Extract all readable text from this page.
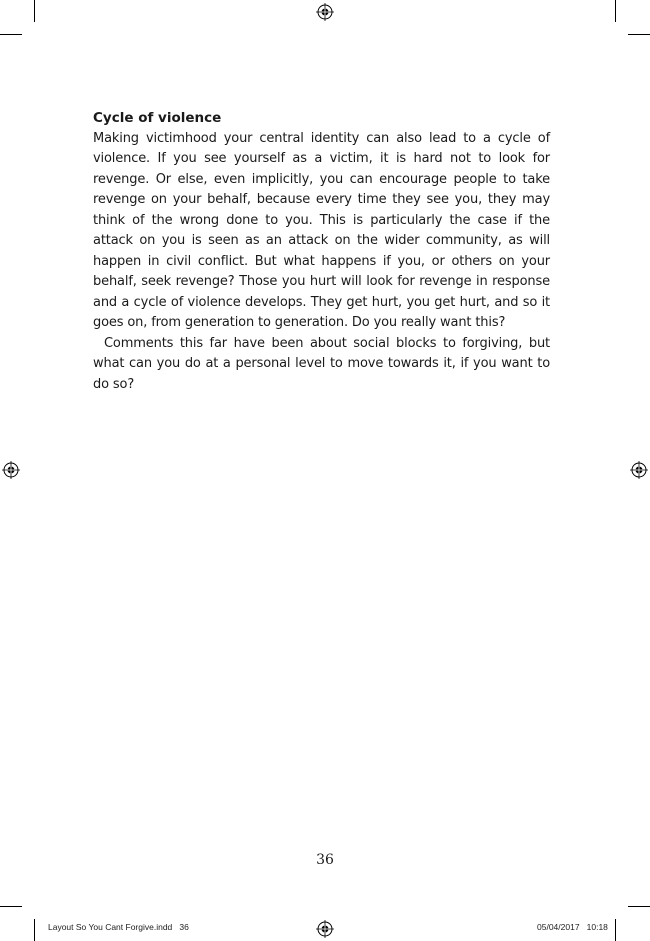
Cycle of violence

Making victimhood your central identity can also lead to a cycle of violence. If you see yourself as a victim, it is hard not to look for revenge. Or else, even implicitly, you can encourage people to take revenge on your behalf, because every time they see you, they may think of the wrong done to you. This is particularly the case if the attack on you is seen as an attack on the wider community, as will happen in civil conflict. But what happens if you, or others on your behalf, seek revenge? Those you hurt will look for revenge in response and a cycle of violence develops. They get hurt, you get hurt, and so it goes on, from generation to generation. Do you really want this?

Comments this far have been about social blocks to forgiving, but what can you do at a personal level to move towards it, if you want to do so?

36
Layout So You Cant Forgive.indd   36	05/04/2017   10:18
